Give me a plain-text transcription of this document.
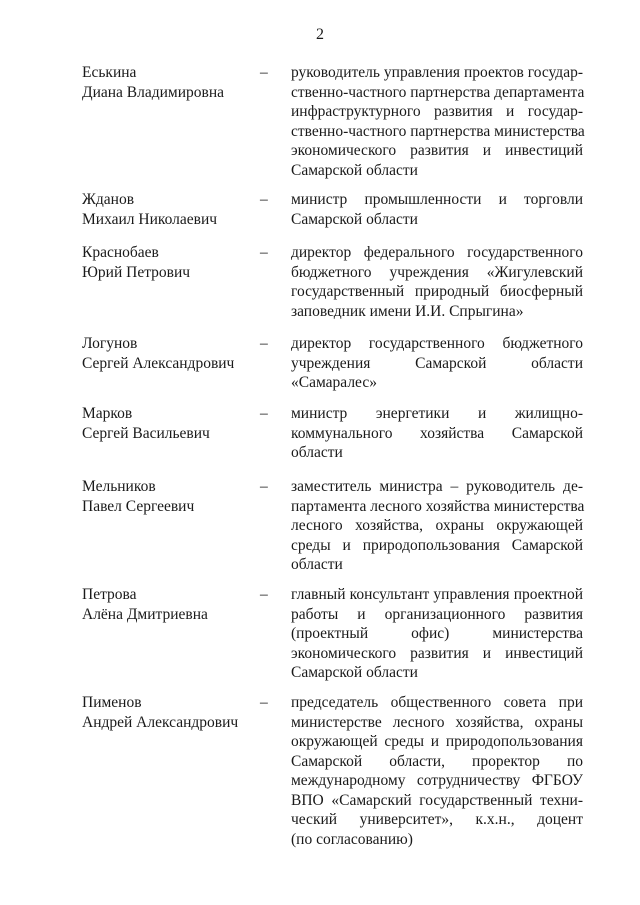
2
Еськина
Диана Владимировна
– руководитель управления проектов государ-
ственно-частного партнерства департамента
инфраструктурного развития и государ-
ственно-частного партнерства министерства
экономического развития и инвестиций
Самарской области
Жданов
Михаил Николаевич
– министр промышленности и торговли
Самарской области
Краснобаев
Юрий Петрович
– директор федерального государственного
бюджетного учреждения «Жигулевский
государственный природный биосферный
заповедник имени И.И. Спрыгина»
Логунов
Сергей Александрович
– директор государственного бюджетного
учреждения Самарской области
«Самаралес»
Марков
Сергей Васильевич
– министр энергетики и жилищно-
коммунального хозяйства Самарской
области
Мельников
Павел Сергеевич
– заместитель министра – руководитель де-
партамента лесного хозяйства министерства
лесного хозяйства, охраны окружающей
среды и природопользования Самарской
области
Петрова
Алёна Дмитриевна
– главный консультант управления проектной
работы и организационного развития
(проектный офис) министерства
экономического развития и инвестиций
Самарской области
Пименов
Андрей Александрович
– председатель общественного совета при
министерстве лесного хозяйства, охраны
окружающей среды и природопользования
Самарской области, проректор по
международному сотрудничеству ФГБОУ
ВПО «Самарский государственный техни-
ческий университет», к.х.н., доцент
(по согласованию)
